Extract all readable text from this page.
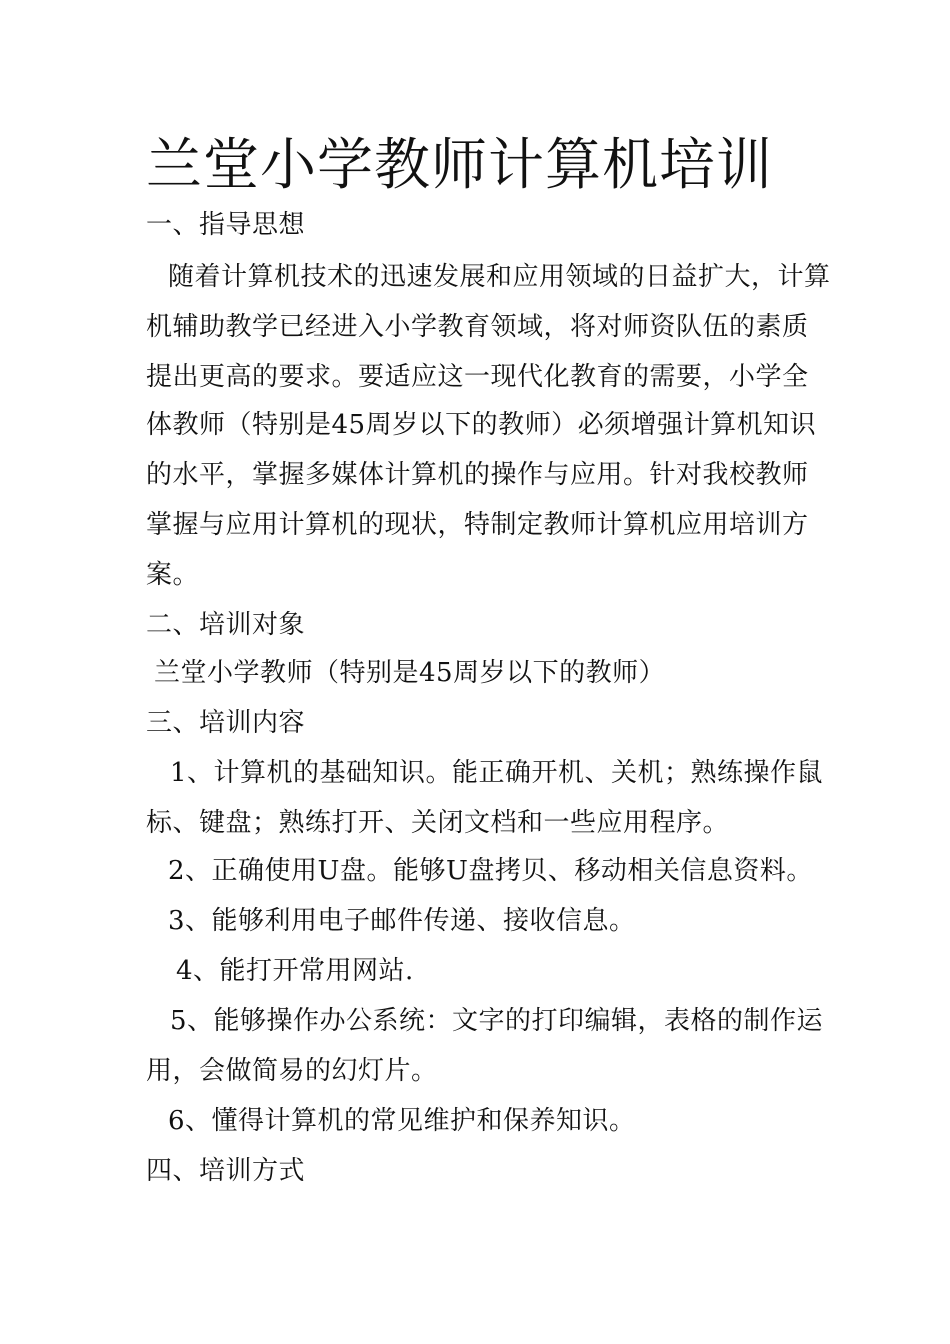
兰堂小学教师计算机培训
一、指导思想
随着计算机技术的迅速发展和应用领域的日益扩大，计算
机辅助教学已经进入小学教育领域，将对师资队伍的素质
提出更高的要求。要适应这一现代化教育的需要，小学全
体教师（特别是45周岁以下的教师）必须增强计算机知识
的水平，掌握多媒体计算机的操作与应用。针对我校教师
掌握与应用计算机的现状，特制定教师计算机应用培训方
案。
二、培训对象
兰堂小学教师（特别是45周岁以下的教师）
三、培训内容
1、计算机的基础知识。能正确开机、关机；熟练操作鼠
标、键盘；熟练打开、关闭文档和一些应用程序。
2、正确使用U盘。能够U盘拷贝、移动相关信息资料。
3、能够利用电子邮件传递、接收信息。
4、能打开常用网站.
5、能够操作办公系统：文字的打印编辑，表格的制作运
用，会做简易的幻灯片。
6、懂得计算机的常见维护和保养知识。
四、培训方式
